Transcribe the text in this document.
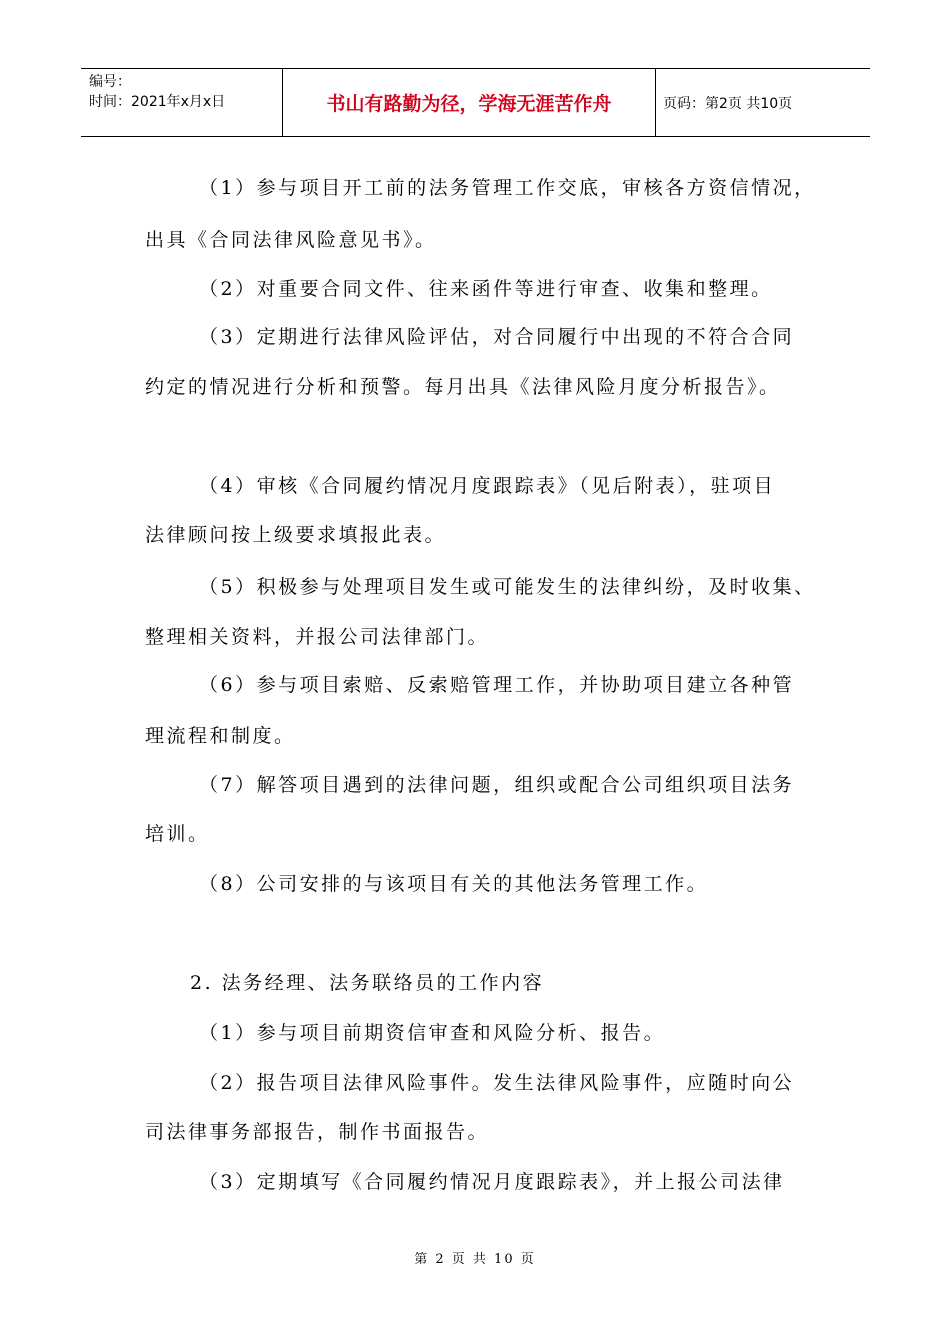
编号：
时间：2021年x月x日	书山有路勤为径，学海无涯苦作舟	页码：第2页 共10页
（1）参与项目开工前的法务管理工作交底，审核各方资信情况，
出具《合同法律风险意见书》。
（2）对重要合同文件、往来函件等进行审查、收集和整理。
（3）定期进行法律风险评估，对合同履行中出现的不符合合同
约定的情况进行分析和预警。每月出具《法律风险月度分析报告》。
（4）审核《合同履约情况月度跟踪表》（见后附表），驻项目
法律顾问按上级要求填报此表。
（5）积极参与处理项目发生或可能发生的法律纠纷，及时收集、
整理相关资料，并报公司法律部门。
（6）参与项目索赔、反索赔管理工作，并协助项目建立各种管
理流程和制度。
（7）解答项目遇到的法律问题，组织或配合公司组织项目法务
培训。
（8）公司安排的与该项目有关的其他法务管理工作。
2. 法务经理、法务联络员的工作内容
（1）参与项目前期资信审查和风险分析、报告。
（2）报告项目法律风险事件。发生法律风险事件，应随时向公
司法律事务部报告，制作书面报告。
（3）定期填写《合同履约情况月度跟踪表》，并上报公司法律
第 2 页 共 10 页
